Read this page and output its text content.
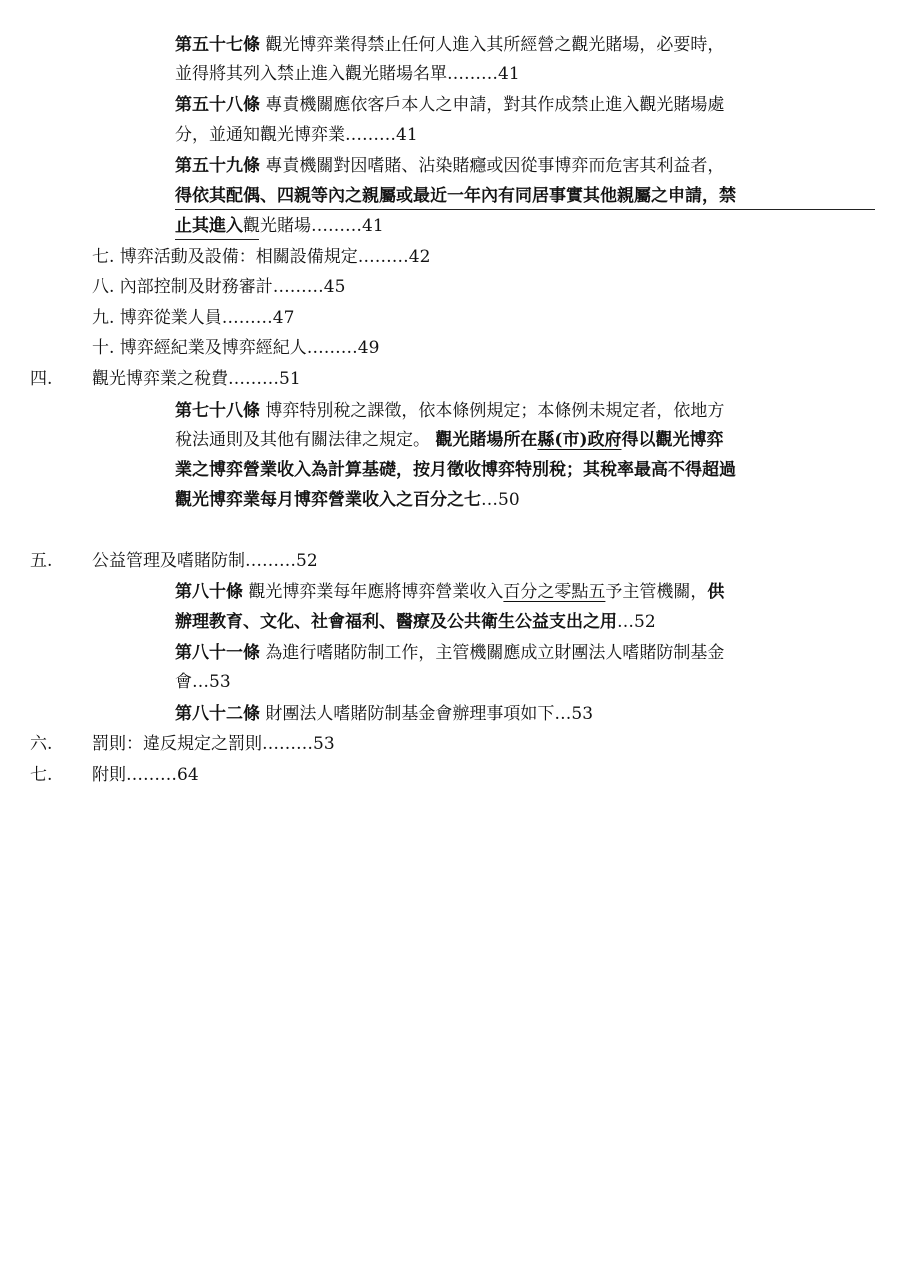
第五十七條 觀光博弈業得禁止任何人進入其所經營之觀光賭場，必要時，
並得將其列入禁止進入觀光賭場名單………41
第五十八條 專責機關應依客戶本人之申請，對其作成禁止進入觀光賭場處
分，並通知觀光博弈業………41
第五十九條 專責機關對因嗜賭、沾染賭癮或因從事博弈而危害其利益者，
得依其配偶、四親等內之親屬或最近一年內有同居事實其他親屬之申請，禁
止其進入觀光賭場………41
七. 博弈活動及設備：相關設備規定………42
八. 內部控制及財務審計………45
九. 博弈從業人員………47
十. 博弈經紀業及博弈經紀人………49
四. 觀光博弈業之稅費………51
第七十八條 博弈特別稅之課徵，依本條例規定；本條例未規定者，依地方
稅法通則及其他有關法律之規定。 觀光賭場所在縣(市)政府得以觀光博弈
業之博弈營業收入為計算基礎，按月徵收博弈特別稅；其稅率最高不得超過
觀光博弈業每月博弈營業收入之百分之七…50
五. 公益管理及嗜賭防制………52
第八十條 觀光博弈業每年應將博弈營業收入百分之零點五予主管機關，供
辦理教育、文化、社會福利、醫療及公共衛生公益支出之用…52
第八十一條 為進行嗜賭防制工作，主管機關應成立財團法人嗜賭防制基金
會…53
第八十二條 財團法人嗜賭防制基金會辦理事項如下…53
六. 罰則：違反規定之罰則………53
七. 附則………64
